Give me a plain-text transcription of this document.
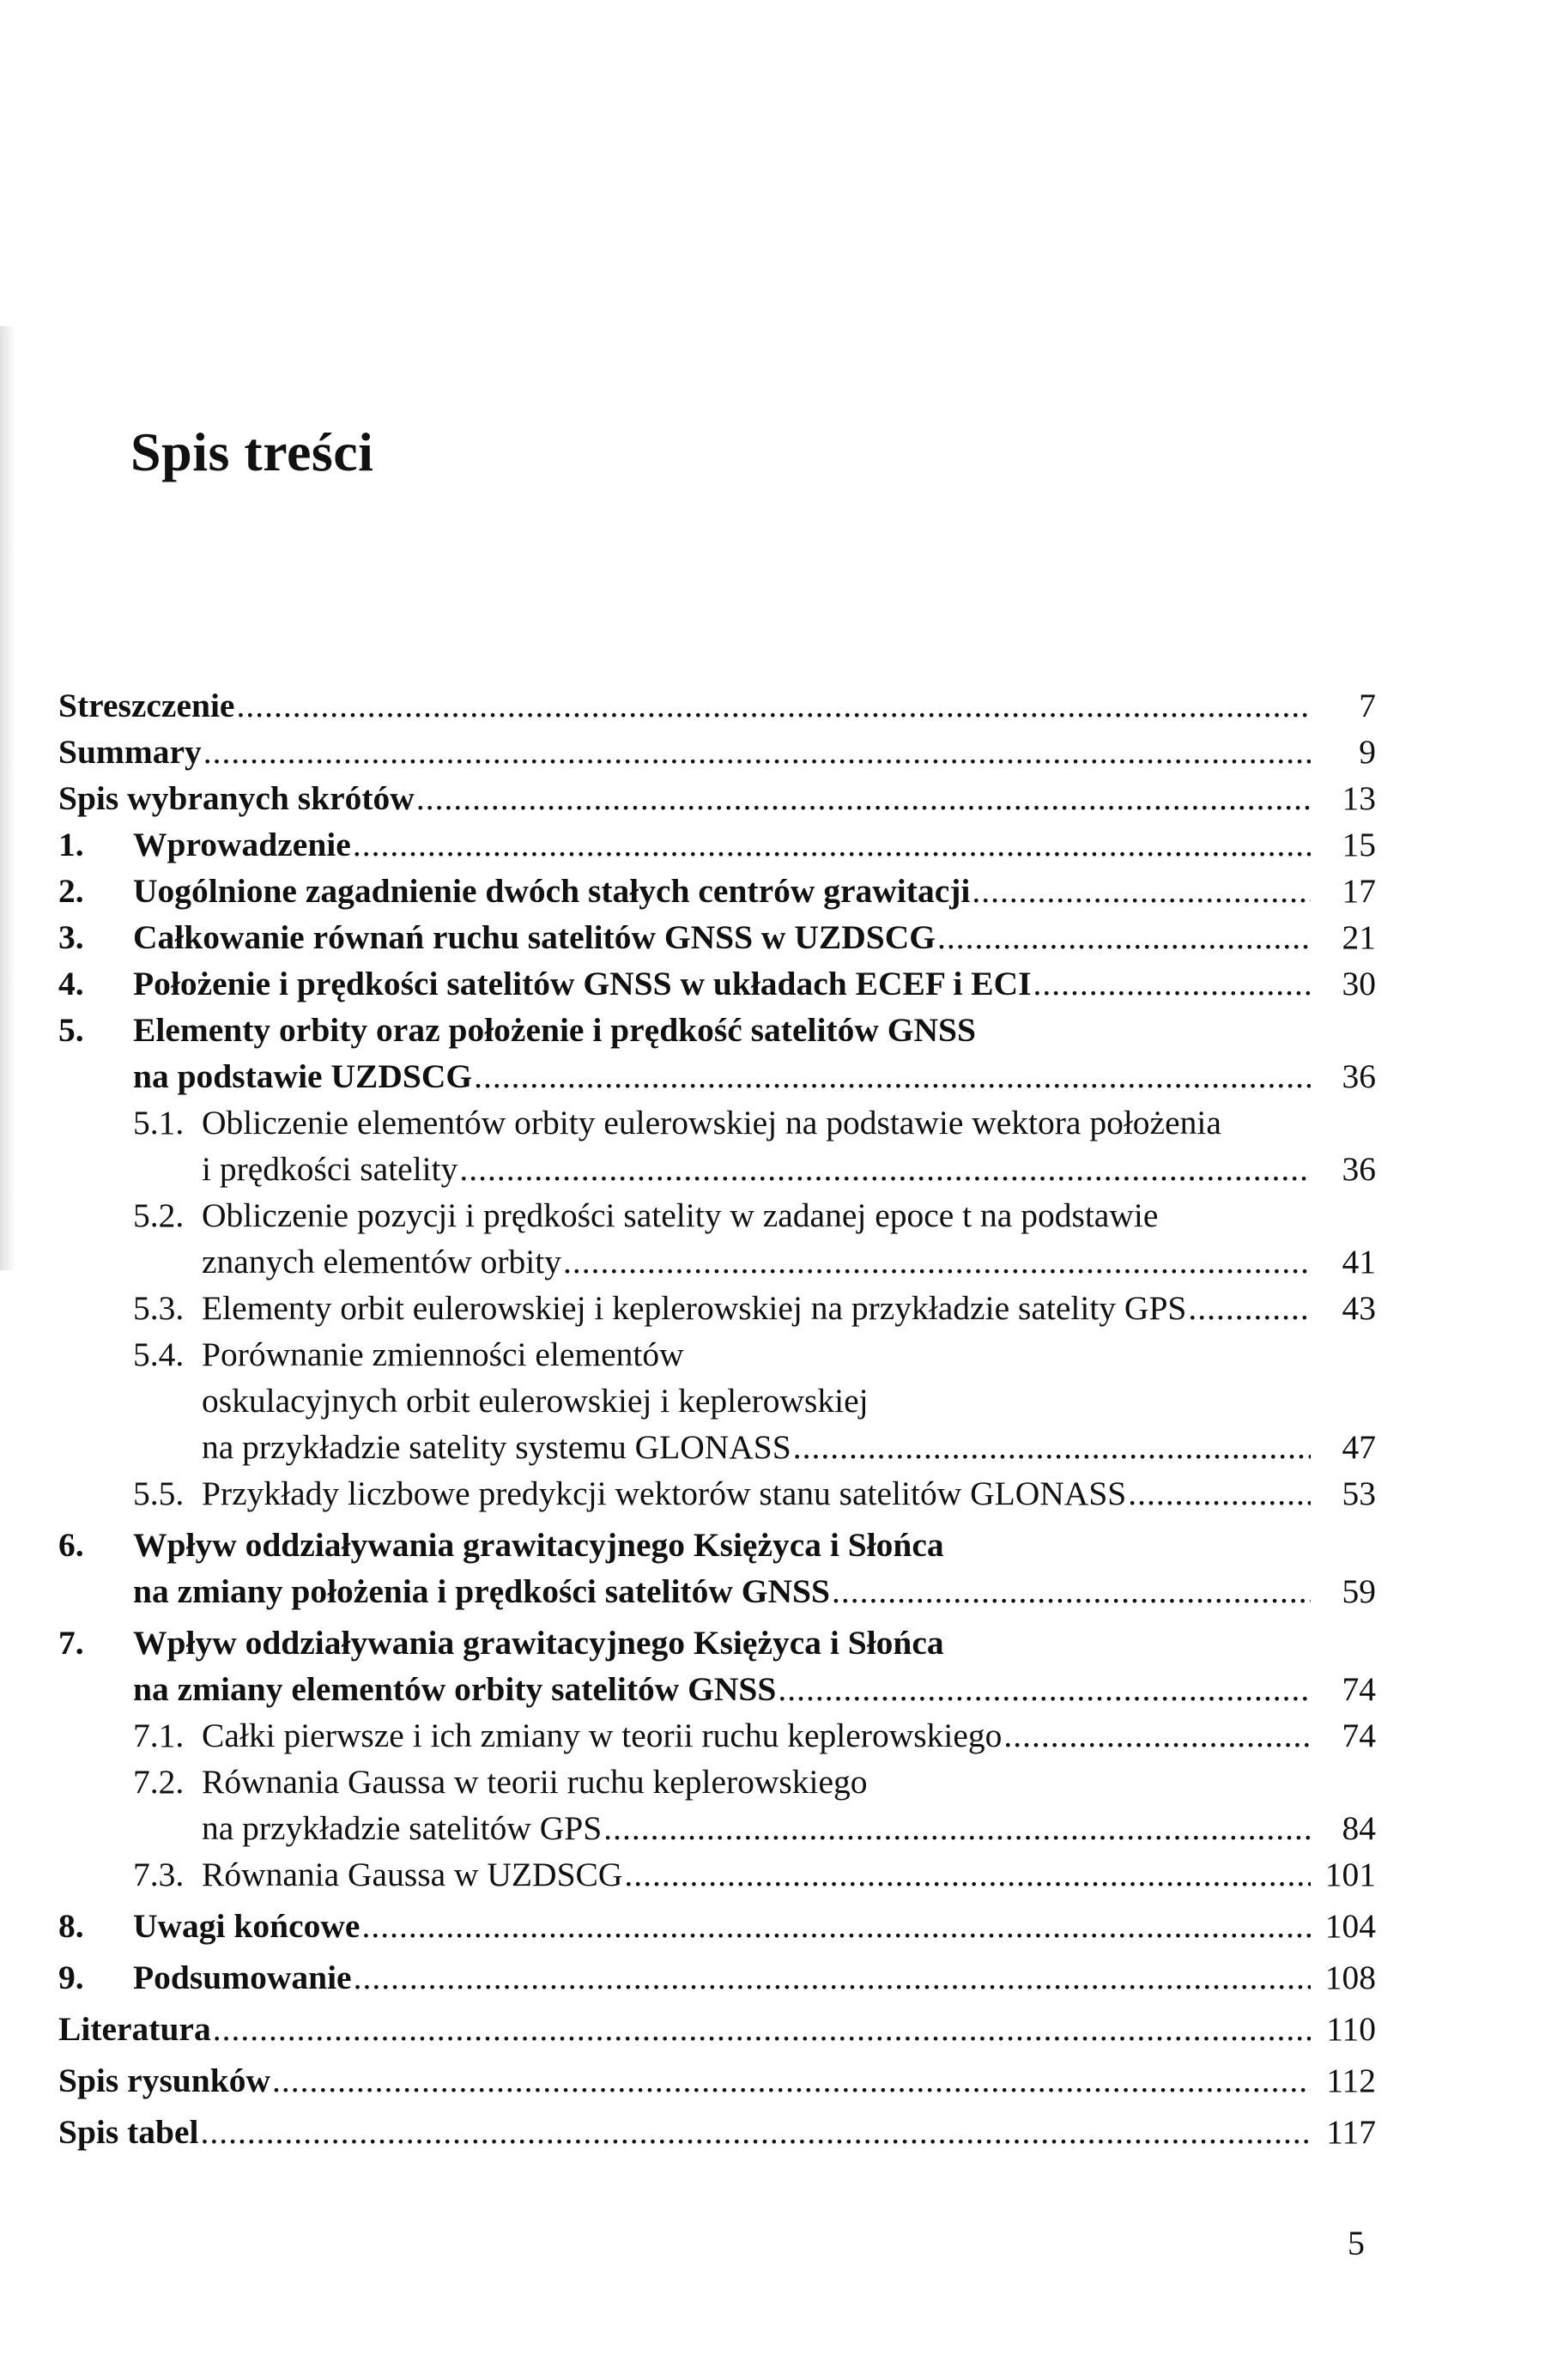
Spis treści
Streszczenie .....	7
Summary .....	9
Spis wybranych skrótów .....	13
1. Wprowadzenie .....	15
2. Uogólnione zagadnienie dwóch stałych centrów grawitacji .....	17
3. Całkowanie równań ruchu satelitów GNSS w UZDSCG .....	21
4. Położenie i prędkości satelitów GNSS w układach ECEF i ECI .....	30
5. Elementy orbity oraz położenie i prędkość satelitów GNSS
na podstawie UZDSCG .....	36
5.1. Obliczenie elementów orbity eulerowskiej na podstawie wektora położenia
i prędkości satelity .....	36
5.2. Obliczenie pozycji i prędkości satelity w zadanej epoce t na podstawie
znanych elementów orbity .....	41
5.3. Elementy orbit eulerowskiej i keplerowskiej na przykładzie satelity GPS .....	43
5.4. Porównanie zmienności elementów
oskulacyjnych orbit eulerowskiej i keplerowskiej
na przykładzie satelity systemu GLONASS .....	47
5.5. Przykłady liczbowe predykcji wektorów stanu satelitów GLONASS .....	53
6. Wpływ oddziaływania grawitacyjnego Księżyca i Słońca
na zmiany położenia i prędkości satelitów GNSS .....	59
7. Wpływ oddziaływania grawitacyjnego Księżyca i Słońca
na zmiany elementów orbity satelitów GNSS .....	74
7.1. Całki pierwsze i ich zmiany w teorii ruchu keplerowskiego .....	74
7.2. Równania Gaussa w teorii ruchu keplerowskiego
na przykładzie satelitów GPS .....	84
7.3. Równania Gaussa w UZDSCG .....	101
8. Uwagi końcowe .....	104
9. Podsumowanie .....	108
Literatura .....	110
Spis rysunków .....	112
Spis tabel .....	117

5
